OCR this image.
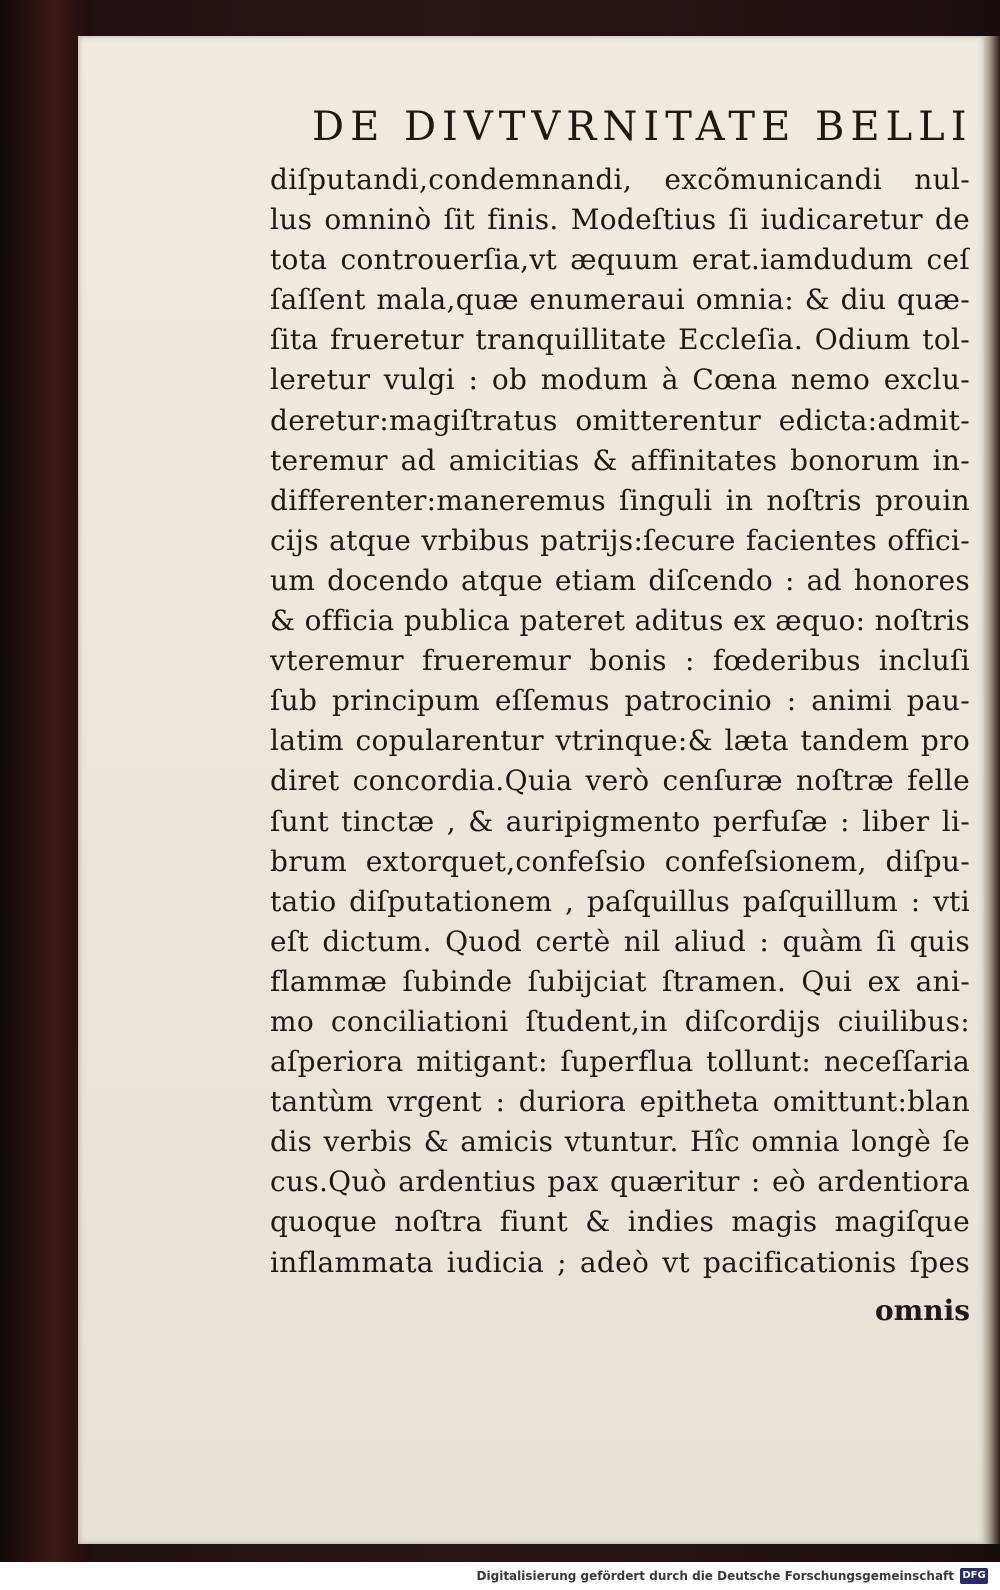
DE DIVTVRNITATE BELLI
diſputandi,condemnandi, excõmunicandi nul-
lus omninò ſit finis. Modeſtius ſi iudicaretur de
tota controuerſia,vt æquum erat.iamdudum ceſ
ſaſſent mala,quæ enumeraui omnia: & diu quæ-
ſita frueretur tranquillitate Eccleſia. Odium tol-
leretur vulgi : ob modum à Cœna nemo exclu-
deretur:magiſtratus omitterentur edicta:admit-
teremur ad amicitias & affinitates bonorum in-
differenter:maneremus ſinguli in noſtris prouin
cijs atque vrbibus patrijs:ſecure facientes offici-
um docendo atque etiam diſcendo : ad honores
& officia publica pateret aditus ex æquo: noſtris
vteremur frueremur bonis : fœderibus incluſi
ſub principum eſſemus patrocinio : animi pau-
latim copularentur vtrinque:& læta tandem pro
diret concordia.Quia verò cenſuræ noſtræ felle
ſunt tinctæ , & auripigmento perfuſæ : liber li-
brum extorquet,confeſsio confeſsionem, diſpu-
tatio diſputationem , paſquillus paſquillum : vti
eſt dictum. Quod certè nil aliud : quàm ſi quis
flammæ ſubinde ſubijciat ſtramen. Qui ex ani-
mo conciliationi ſtudent,in diſcordijs ciuilibus:
aſperiora mitigant: ſuperflua tollunt: neceſſaria
tantùm vrgent : duriora epitheta omittunt:blan
dis verbis & amicis vtuntur. Hîc omnia longè ſe
cus.Quò ardentius pax quæritur : eò ardentiora
quoque noſtra fiunt & indies magis magiſque
inflammata iudicia ; adeò vt pacificationis ſpes
omnis
Digitalisierung gefördert durch die Deutsche Forschungsgemeinschaft DFG
